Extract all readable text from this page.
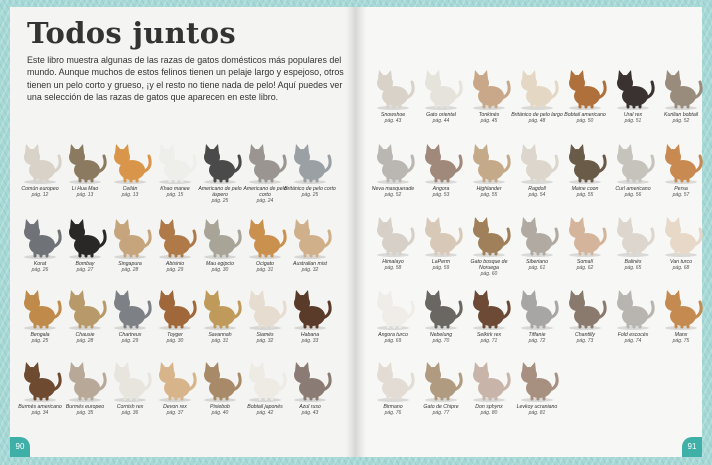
Todos juntos

Este libro muestra algunas de las razas de gatos domésticos más populares del mundo. Aunque muchos de estos felinos tienen un pelaje largo y espejoso, otros tienen un pelo corto y grueso, ¡y el resto no tiene nada de pelo! Aquí puedes ver una selección de las razas de gatos que aparecen en este libro.

Común europeo
pág. 12
Li Hua Mao
pág. 13
Ceilán
pág. 13
Khao manee
pág. 15
Americano de pelo áspero
pág. 25
Americano de pelo corto
pág. 24
Británico de pelo corto
pág. 25
Korat
pág. 26
Bombay
pág. 27
Singapura
pág. 28
Abisinio
pág. 29
Mau egipcio
pág. 30
Ocigato
pág. 31
Australian mist
pág. 32
Bengala
pág. 25
Chausie
pág. 28
Chartreux
pág. 29
Toyger
pág. 30
Savannah
pág. 31
Siamés
pág. 32
Habana
pág. 33
Burmés americano
pág. 34
Burmés europeo
pág. 35
Cornish rex
pág. 36
Devon rex
pág. 37
Pixiebob
pág. 40
Bobtail japonés
pág. 42
Azul ruso
pág. 43
Snowshoe
pág. 43
Gato oriental
pág. 44
Tonkinés
pág. 45
Británico de pelo largo
pág. 48
Bobtail americano
pág. 50
Ural rex
pág. 51
Kurilian bobtail
pág. 52
Neva masquerade
pág. 52
Angora
pág. 53
Highlander
pág. 55
Ragdoll
pág. 54
Maine coon
pág. 55
Curl americano
pág. 56
Persa
pág. 57
Himalayo
pág. 58
LaPerm
pág. 59
Gato bosque de Noruega
pág. 60
Siberiano
pág. 61
Somalí
pág. 62
Balinés
pág. 65
Van turco
pág. 68
Angora turco
pág. 69
Nebelung
pág. 70
Selkirk rex
pág. 71
Tiffanie
pág. 72
Chantilly
pág. 73
Fold escocés
pág. 74
Manx
pág. 75
Birmano
pág. 76
Gato de Chipre
pág. 77
Don sphynx
pág. 80
Levkoy ucraniano
pág. 81
90	91
